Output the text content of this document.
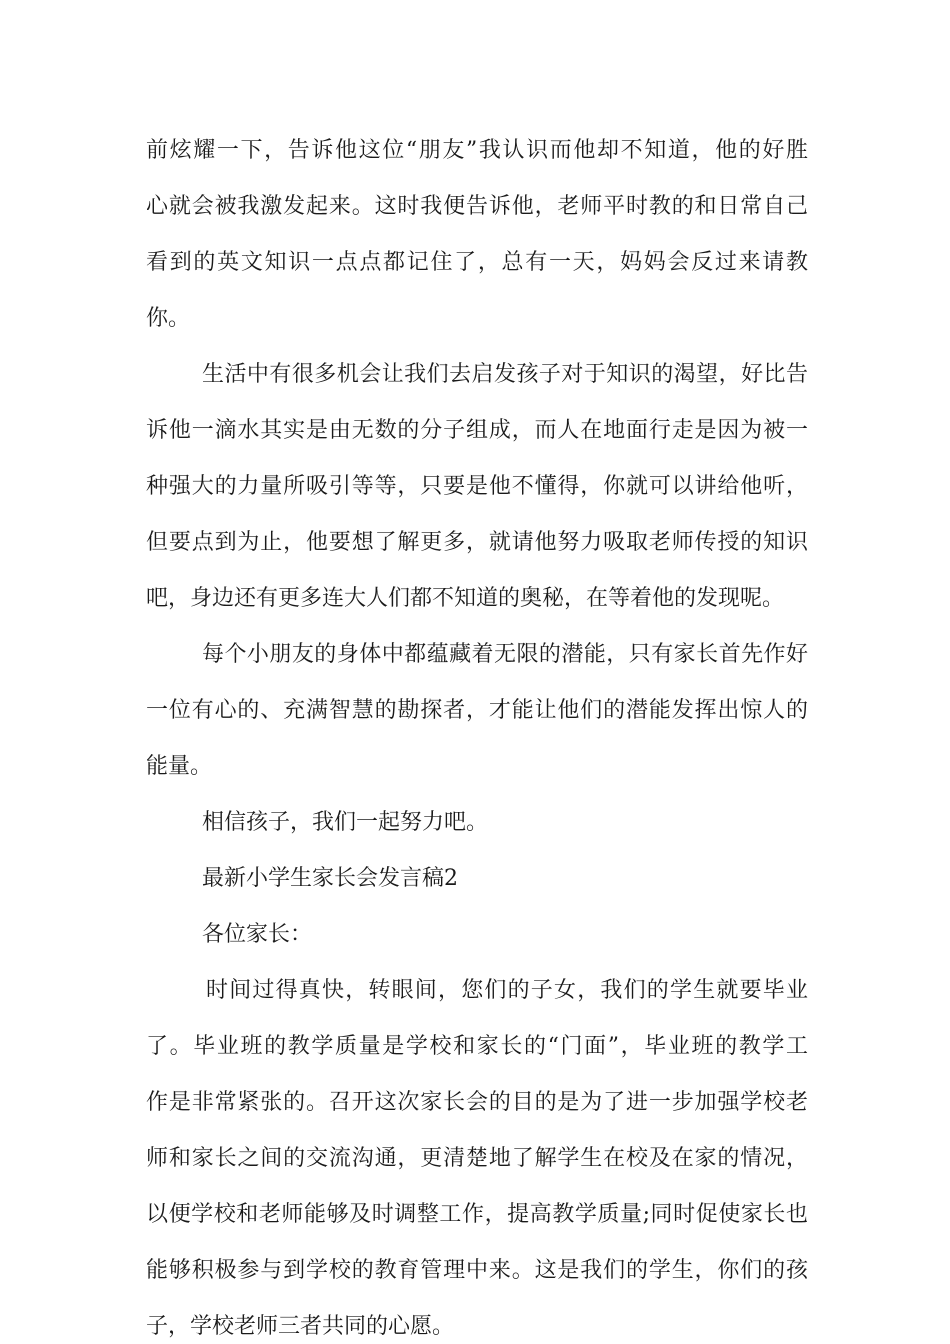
前炫耀一下，告诉他这位“朋友”我认识而他却不知道，他的好胜
心就会被我激发起来。这时我便告诉他，老师平时教的和日常自己
看到的英文知识一点点都记住了，总有一天，妈妈会反过来请教
你。
生活中有很多机会让我们去启发孩子对于知识的渴望，好比告
诉他一滴水其实是由无数的分子组成，而人在地面行走是因为被一
种强大的力量所吸引等等，只要是他不懂得，你就可以讲给他听，
但要点到为止，他要想了解更多，就请他努力吸取老师传授的知识
吧，身边还有更多连大人们都不知道的奥秘，在等着他的发现呢。
每个小朋友的身体中都蕴藏着无限的潜能，只有家长首先作好
一位有心的、充满智慧的勘探者，才能让他们的潜能发挥出惊人的
能量。
相信孩子，我们一起努力吧。
最新小学生家长会发言稿2
各位家长：
时间过得真快，转眼间，您们的子女，我们的学生就要毕业
了。毕业班的教学质量是学校和家长的“门面”，毕业班的教学工
作是非常紧张的。召开这次家长会的目的是为了进一步加强学校老
师和家长之间的交流沟通，更清楚地了解学生在校及在家的情况，
以便学校和老师能够及时调整工作，提高教学质量;同时促使家长也
能够积极参与到学校的教育管理中来。这是我们的学生，你们的孩
子，学校老师三者共同的心愿。
